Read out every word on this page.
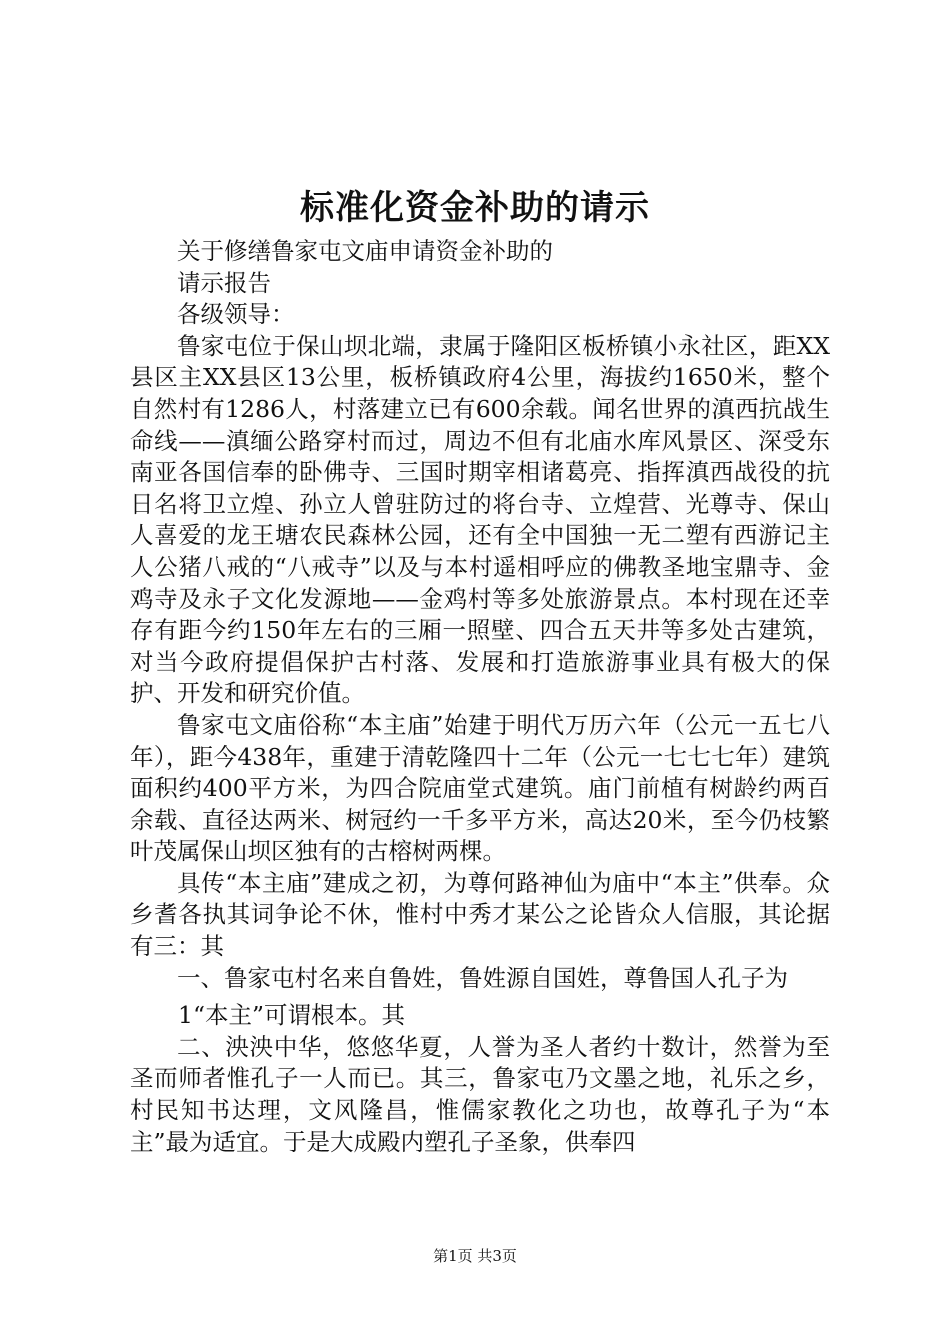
标准化资金补助的请示

关于修缮鲁家屯文庙申请资金补助的

请示报告

各级领导：

鲁家屯位于保山坝北端，隶属于隆阳区板桥镇小永社区，距XX县区主XX县区13公里，板桥镇政府4公里，海拔约1650米，整个自然村有1286人，村落建立已有600余载。闻名世界的滇西抗战生命线——滇缅公路穿村而过，周边不但有北庙水库风景区、深受东南亚各国信奉的卧佛寺、三国时期宰相诸葛亮、指挥滇西战役的抗日名将卫立煌、孙立人曾驻防过的将台寺、立煌营、光尊寺、保山人喜爱的龙王塘农民森林公园，还有全中国独一无二塑有西游记主人公猪八戒的“八戒寺”以及与本村遥相呼应的佛教圣地宝鼎寺、金鸡寺及永子文化发源地——金鸡村等多处旅游景点。本村现在还幸存有距今约150年左右的三厢一照壁、四合五天井等多处古建筑，对当今政府提倡保护古村落、发展和打造旅游事业具有极大的保护、开发和研究价值。

鲁家屯文庙俗称“本主庙”始建于明代万历六年（公元一五七八年），距今438年，重建于清乾隆四十二年（公元一七七七年）建筑面积约400平方米，为四合院庙堂式建筑。庙门前植有树龄约两百余载、直径达两米、树冠约一千多平方米，高达20米，至今仍枝繁叶茂属保山坝区独有的古榕树两棵。

具传“本主庙”建成之初，为尊何路神仙为庙中“本主”供奉。众乡耆各执其词争论不休，惟村中秀才某公之论皆众人信服，其论据有三：其

一、鲁家屯村名来自鲁姓，鲁姓源自国姓，尊鲁国人孔子为

1“本主”可谓根本。其

二、泱泱中华，悠悠华夏，人誉为圣人者约十数计，然誉为至圣而师者惟孔子一人而已。其三，鲁家屯乃文墨之地，礼乐之乡，村民知书达理，文风隆昌，惟儒家教化之功也，故尊孔子为“本主”最为适宜。于是大成殿内塑孔子圣象，供奉四

第1页 共3页
